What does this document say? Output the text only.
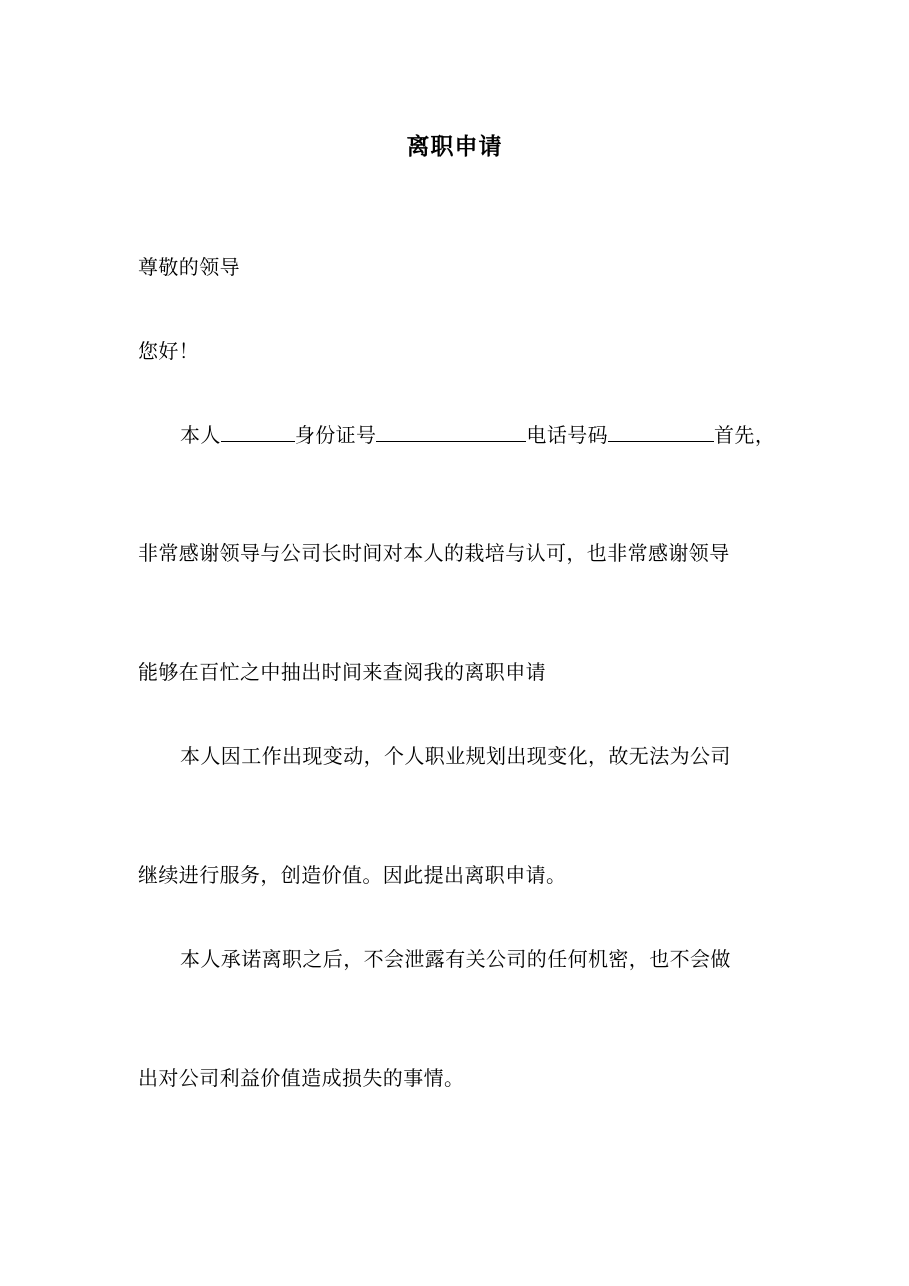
离职申请
尊敬的领导
您好！
本人	身份证号	电话号码	首先，
非常感谢领导与公司长时间对本人的栽培与认可，也非常感谢领导
能够在百忙之中抽出时间来查阅我的离职申请
本人因工作出现变动，个人职业规划出现变化，故无法为公司
继续进行服务，创造价值。因此提出离职申请。
本人承诺离职之后，不会泄露有关公司的任何机密，也不会做
出对公司利益价值造成损失的事情。
